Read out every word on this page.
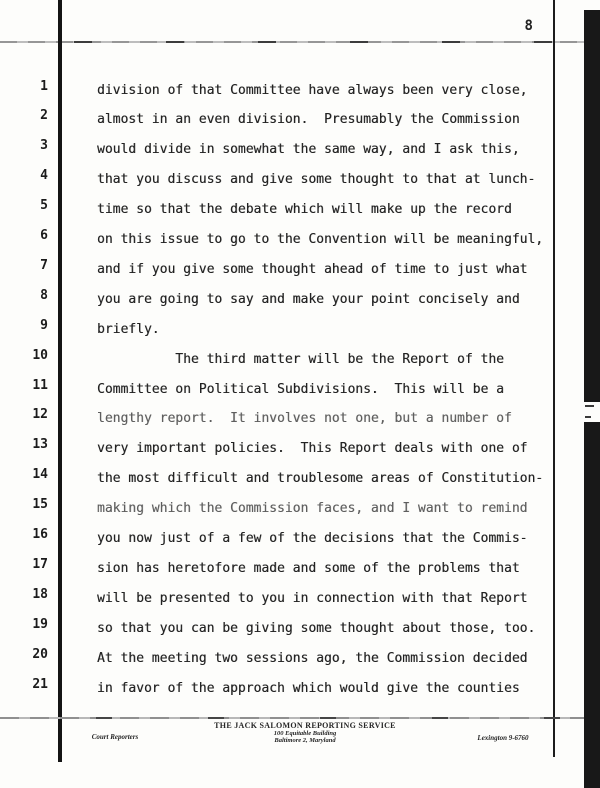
8
1	division of that Committee have always been very close,
2	almost in an even division.  Presumably the Commission
3	would divide in somewhat the same way, and I ask this,
4	that you discuss and give some thought to that at lunch-
5	time so that the debate which will make up the record
6	on this issue to go to the Convention will be meaningful,
7	and if you give some thought ahead of time to just what
8	you are going to say and make your point concisely and
9	briefly.
10	The third matter will be the Report of the
11	Committee on Political Subdivisions.  This will be a
12	lengthy report.  It involves not one, but a number of
13	very important policies.  This Report deals with one of
14	the most difficult and troublesome areas of Constitution-
15	making which the Commission faces, and I want to remind
16	you now just of a few of the decisions that the Commis-
17	sion has heretofore made and some of the problems that
18	will be presented to you in connection with that Report
19	so that you can be giving some thought about those, too.
20	At the meeting two sessions ago, the Commission decided
21	in favor of the approach which would give the counties
THE JACK SALOMON REPORTING SERVICE
100 Equitable Building
Baltimore 2, Maryland
Court Reporters	Lexington 9-6760
